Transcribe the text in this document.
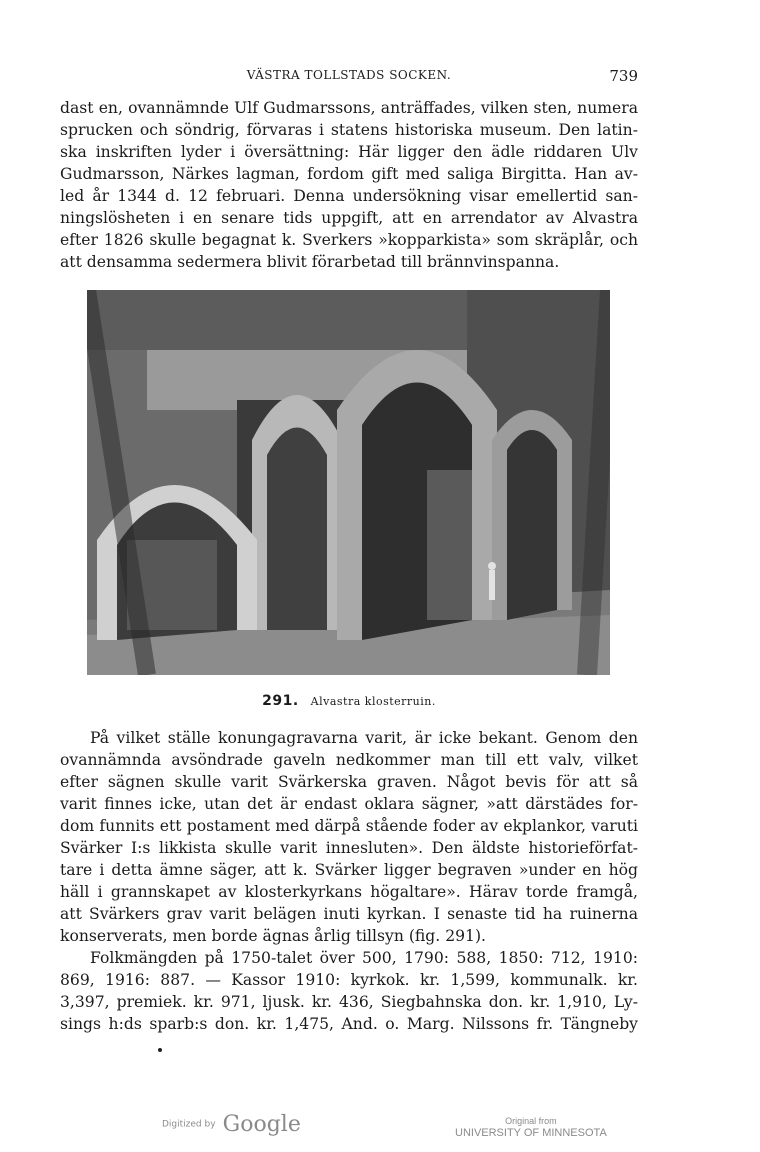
VÄSTRA TOLLSTADS SOCKEN.	739
dast en, ovannämnde Ulf Gudmarssons, anträffades, vilken sten, numera
sprucken och söndrig, förvaras i statens historiska museum. Den latin-
ska inskriften lyder i översättning: Här ligger den ädle riddaren Ulv
Gudmarsson, Närkes lagman, fordom gift med saliga Birgitta. Han av-
led år 1344 d. 12 februari. Denna undersökning visar emellertid san-
ningslösheten i en senare tids uppgift, att en arrendator av Alvastra
efter 1826 skulle begagnat k. Sverkers »kopparkista» som skräplår, och
att densamma sedermera blivit förarbetad till brännvinspanna.
291. Alvastra klosterruin.
På vilket ställe konungagravarna varit, är icke bekant. Genom den
ovannämnda avsöndrade gaveln nedkommer man till ett valv, vilket
efter sägnen skulle varit Svärkerska graven. Något bevis för att så
varit finnes icke, utan det är endast oklara sägner, »att därstädes for-
dom funnits ett postament med därpå stående foder av ekplankor, varuti
Svärker I:s likkista skulle varit innesluten». Den äldste historieförfat-
tare i detta ämne säger, att k. Svärker ligger begraven »under en hög
häll i grannskapet av klosterkyrkans högaltare». Härav torde framgå,
att Svärkers grav varit belägen inuti kyrkan. I senaste tid ha ruinerna
konserverats, men borde ägnas årlig tillsyn (fig. 291).
Folkmängden på 1750-talet över 500, 1790: 588, 1850: 712, 1910:
869, 1916: 887. — Kassor 1910: kyrkok. kr. 1,599, kommunalk. kr.
3,397, premiek. kr. 971, ljusk. kr. 436, Siegbahnska don. kr. 1,910, Ly-
sings h:ds sparb:s don. kr. 1,475, And. o. Marg. Nilssons fr. Tängneby
Digitized by Google	Original from
UNIVERSITY OF MINNESOTA
